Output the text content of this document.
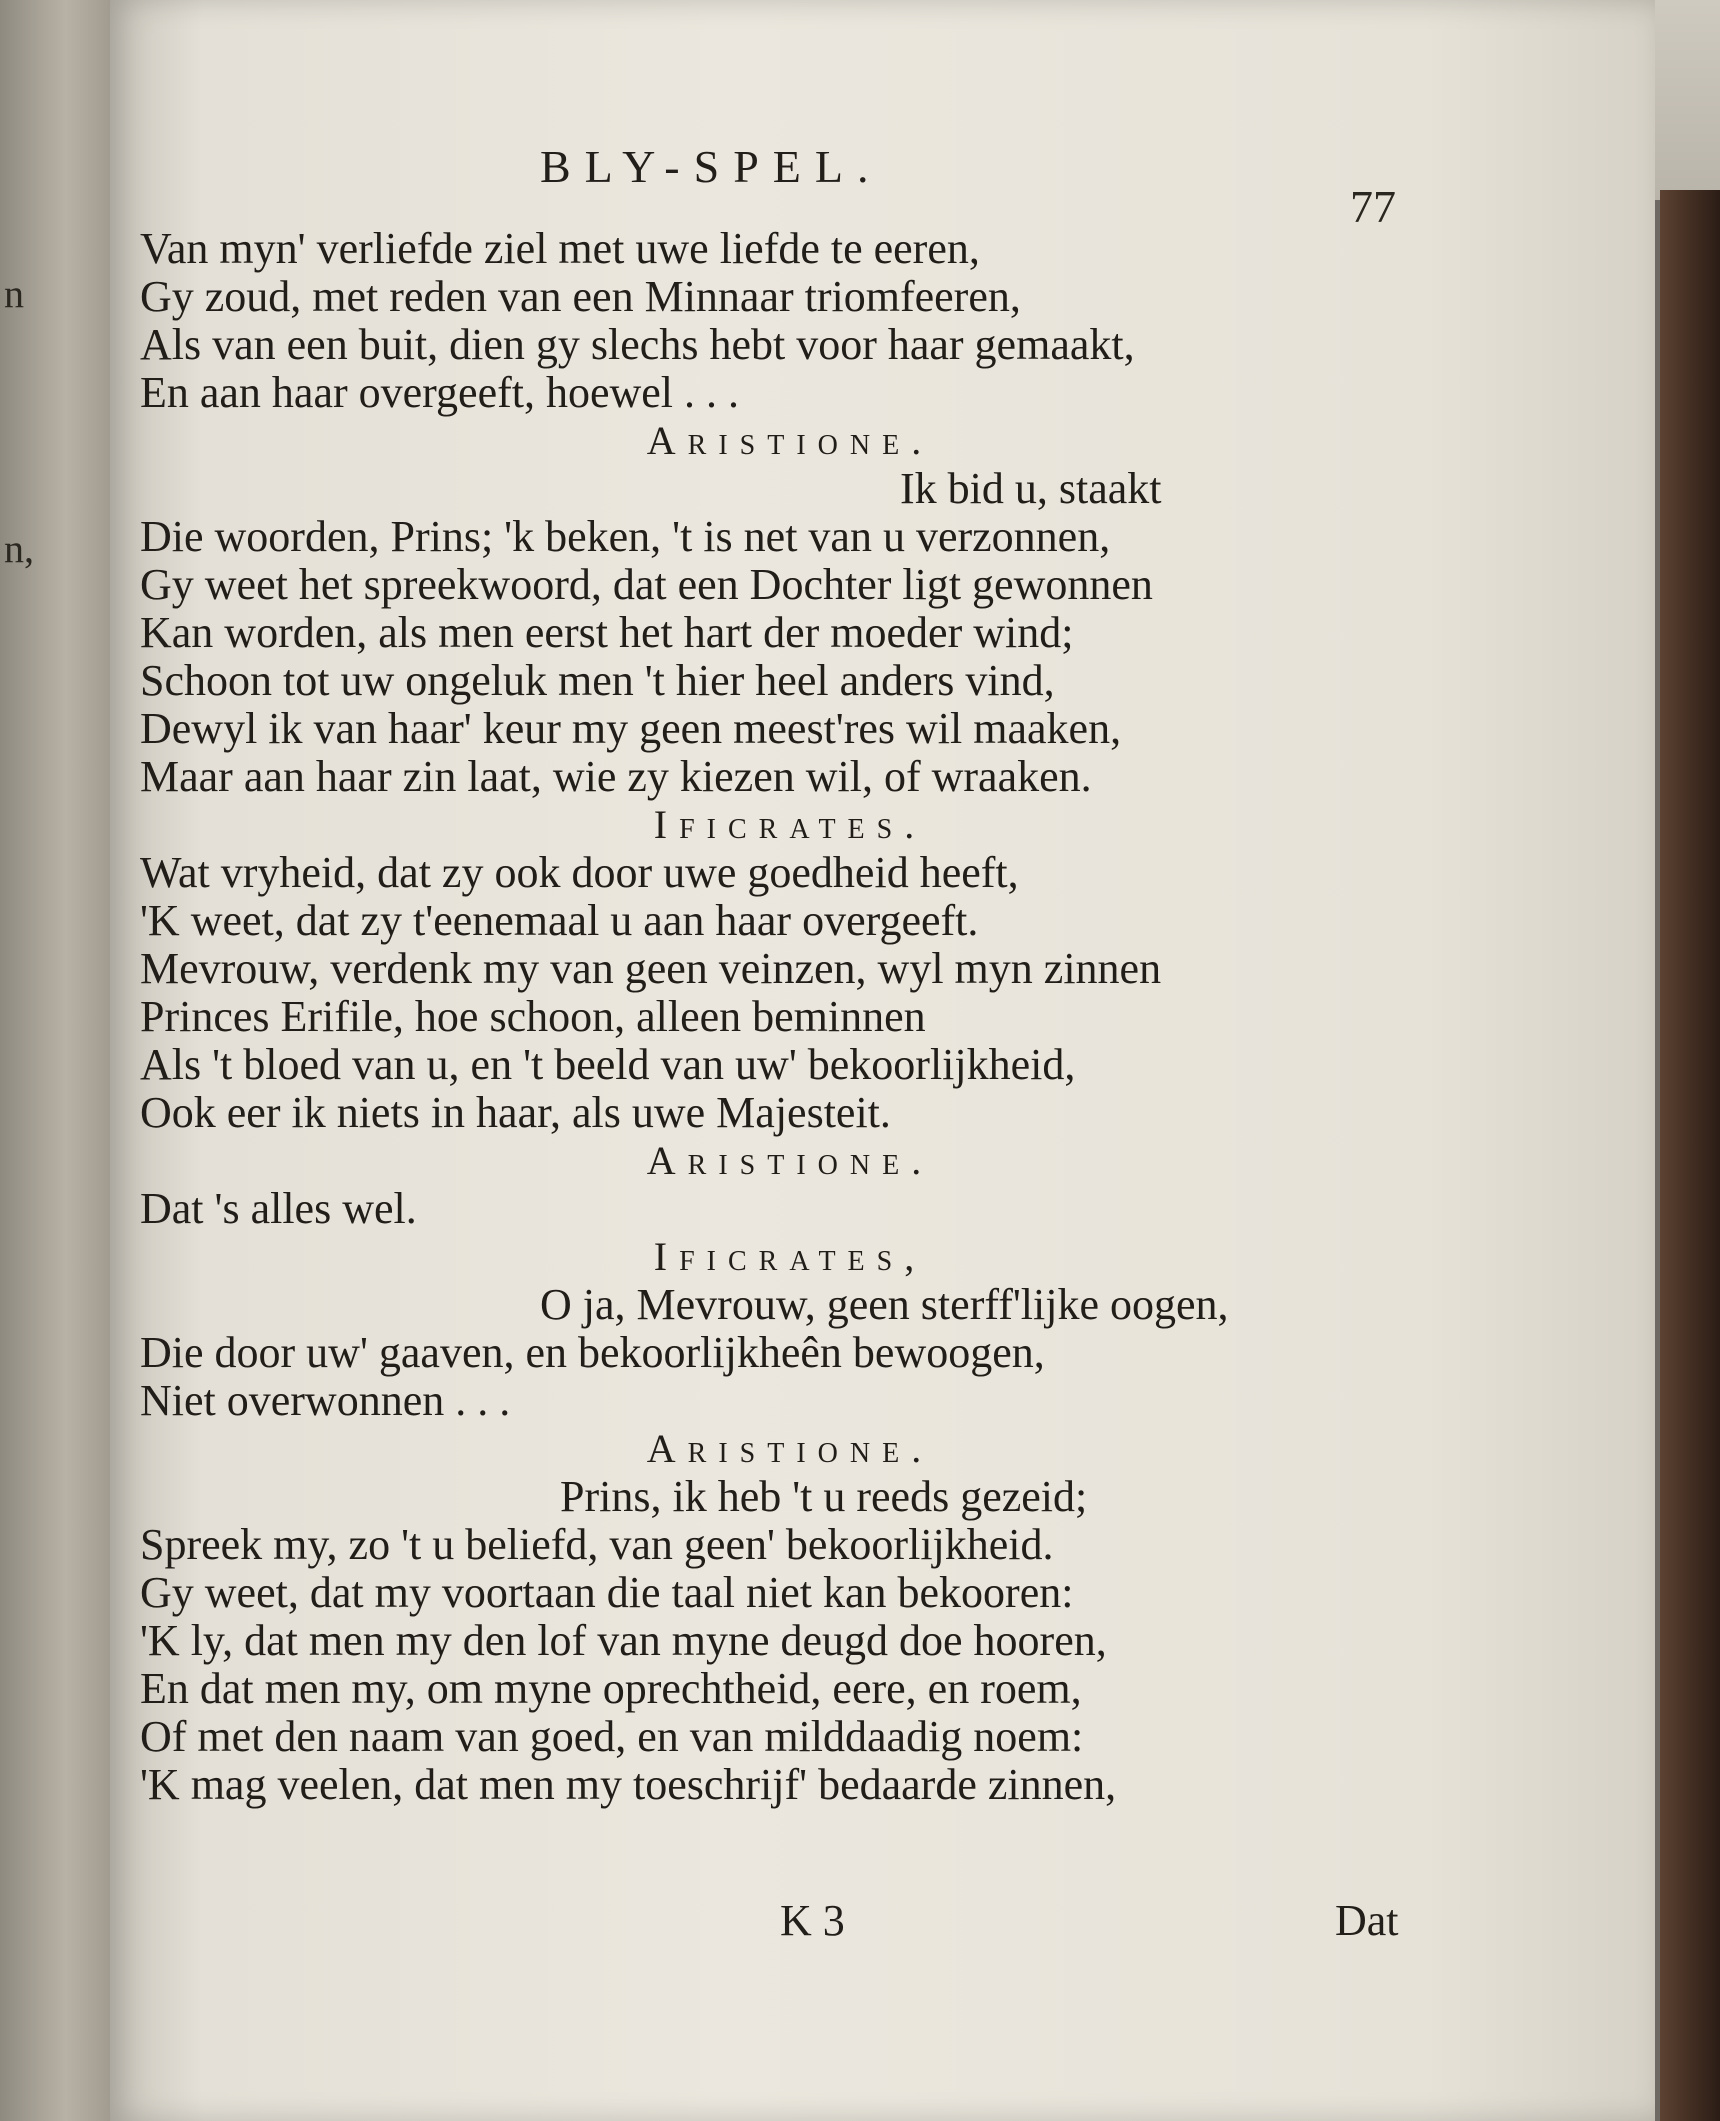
n
n,
BLY-SPEL.
77
Van myn' verliefde ziel met uwe liefde te eeren,
Gy zoud, met reden van een Minnaar triomfeeren,
Als van een buit, dien gy slechs hebt voor haar gemaakt,
En aan haar overgeeft, hoewel . . .
Aristione.
Ik bid u, staakt
Die woorden, Prins; 'k beken, 't is net van u verzonnen,
Gy weet het spreekwoord, dat een Dochter ligt gewonnen
Kan worden, als men eerst het hart der moeder wind;
Schoon tot uw ongeluk men 't hier heel anders vind,
Dewyl ik van haar' keur my geen meest'res wil maaken,
Maar aan haar zin laat, wie zy kiezen wil, of wraaken.
Ificrates.
Wat vryheid, dat zy ook door uwe goedheid heeft,
'K weet, dat zy t'eenemaal u aan haar overgeeft.
Mevrouw, verdenk my van geen veinzen, wyl myn zinnen
Princes Erifile, hoe schoon, alleen beminnen
Als 't bloed van u, en 't beeld van uw' bekoorlijkheid,
Ook eer ik niets in haar, als uwe Majesteit.
Aristione.
Dat 's alles wel.
Ificrates,
O ja, Mevrouw, geen sterff'lijke oogen,
Die door uw' gaaven, en bekoorlijkheên bewoogen,
Niet overwonnen . . .
Aristione.
Prins, ik heb 't u reeds gezeid;
Spreek my, zo 't u beliefd, van geen' bekoorlijkheid.
Gy weet, dat my voortaan die taal niet kan bekooren:
'K ly, dat men my den lof van myne deugd doe hooren,
En dat men my, om myne oprechtheid, eere, en roem,
Of met den naam van goed, en van milddaadig noem:
'K mag veelen, dat men my toeschrijf' bedaarde zinnen,
K 3	Dat
